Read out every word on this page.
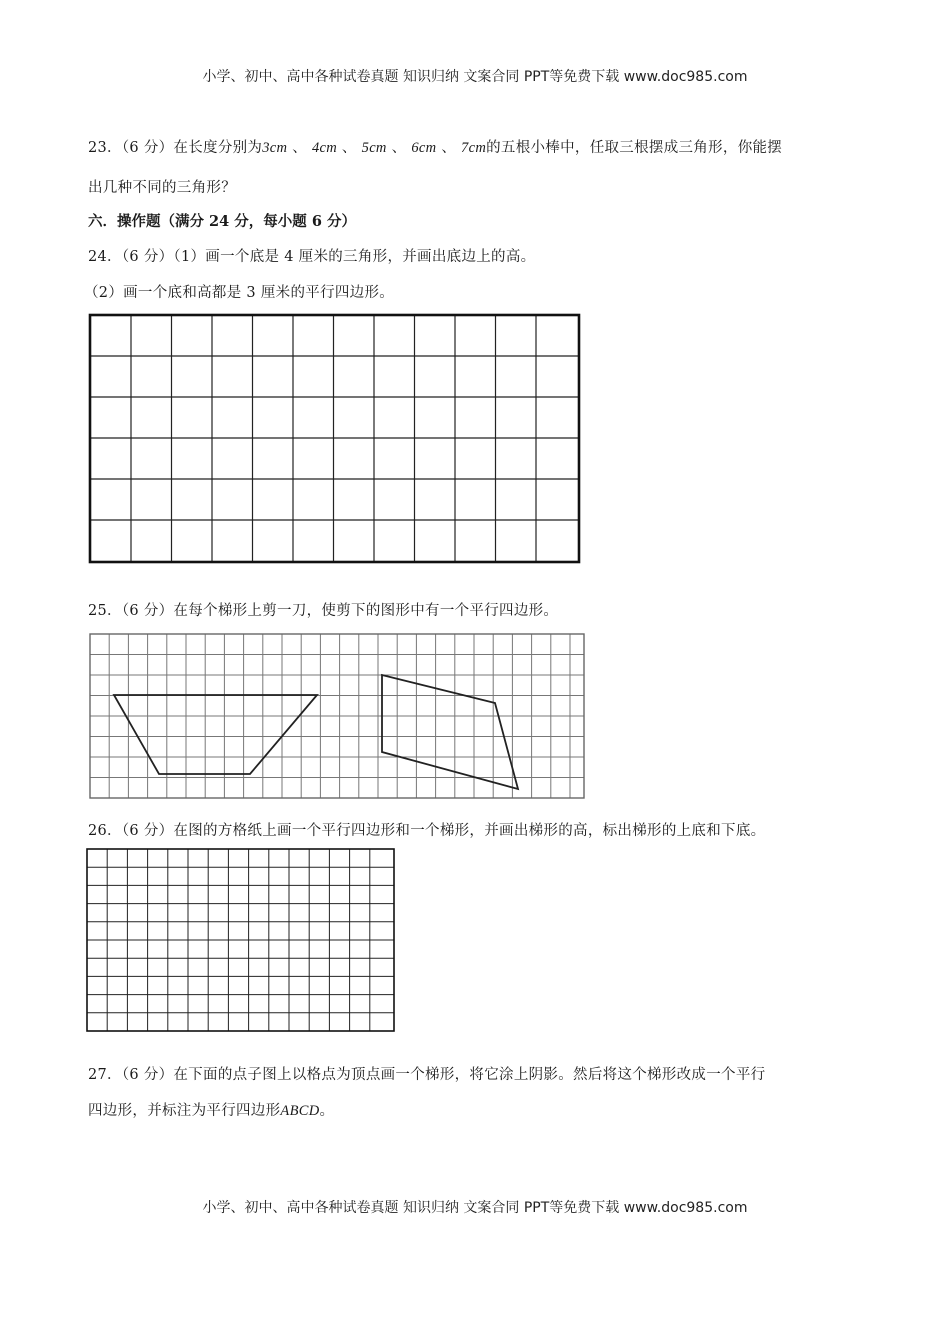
小学、初中、高中各种试卷真题 知识归纳 文案合同 PPT等免费下载 www.doc985.com
23．（6 分）在长度分别为3cm 、 4cm 、 5cm 、 6cm 、 7cm的五根小棒中，任取三根摆成三角形，你能摆
出几种不同的三角形？
六．操作题（满分 24 分，每小题 6 分）
24．（6 分）（1）画一个底是 4 厘米的三角形，并画出底边上的高。
（2）画一个底和高都是 3 厘米的平行四边形。
25．（6 分）在每个梯形上剪一刀，使剪下的图形中有一个平行四边形。
26．（6 分）在图的方格纸上画一个平行四边形和一个梯形，并画出梯形的高，标出梯形的上底和下底。
27．（6 分）在下面的点子图上以格点为顶点画一个梯形，将它涂上阴影。然后将这个梯形改成一个平行
四边形，并标注为平行四边形ABCD。
小学、初中、高中各种试卷真题 知识归纳 文案合同 PPT等免费下载 www.doc985.com
